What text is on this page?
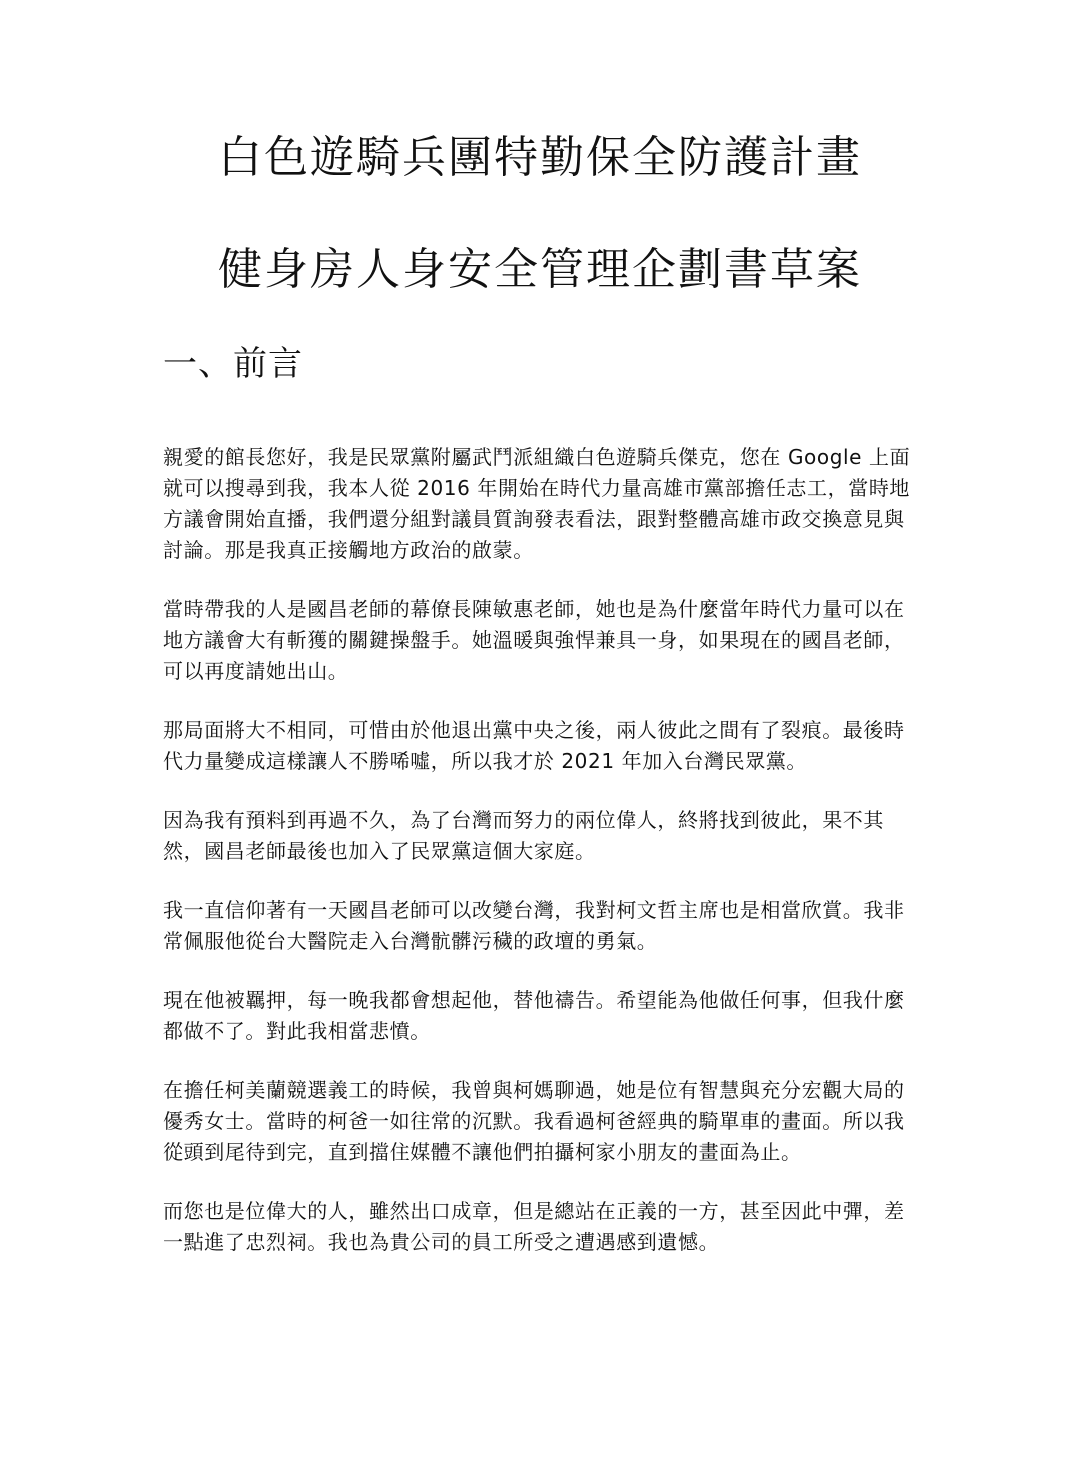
白色遊騎兵團特勤保全防護計畫
健身房人身安全管理企劃書草案
一、前言

親愛的館長您好，我是民眾黨附屬武鬥派組織白色遊騎兵傑克，您在 Google 上面就可以搜尋到我，我本人從 2016 年開始在時代力量高雄市黨部擔任志工，當時地方議會開始直播，我們還分組對議員質詢發表看法，跟對整體高雄市政交換意見與討論。那是我真正接觸地方政治的啟蒙。

當時帶我的人是國昌老師的幕僚長陳敏惠老師，她也是為什麼當年時代力量可以在地方議會大有斬獲的關鍵操盤手。她溫暖與強悍兼具一身，如果現在的國昌老師，可以再度請她出山。

那局面將大不相同，可惜由於他退出黨中央之後，兩人彼此之間有了裂痕。最後時代力量變成這樣讓人不勝唏噓，所以我才於 2021 年加入台灣民眾黨。

因為我有預料到再過不久，為了台灣而努力的兩位偉人，終將找到彼此，果不其然，國昌老師最後也加入了民眾黨這個大家庭。

我一直信仰著有一天國昌老師可以改變台灣，我對柯文哲主席也是相當欣賞。我非常佩服他從台大醫院走入台灣骯髒污穢的政壇的勇氣。

現在他被羈押，每一晚我都會想起他，替他禱告。希望能為他做任何事，但我什麼都做不了。對此我相當悲憤。

在擔任柯美蘭競選義工的時候，我曾與柯媽聊過，她是位有智慧與充分宏觀大局的優秀女士。當時的柯爸一如往常的沉默。我看過柯爸經典的騎單車的畫面。所以我從頭到尾待到完，直到擋住媒體不讓他們拍攝柯家小朋友的畫面為止。

而您也是位偉大的人，雖然出口成章，但是總站在正義的一方，甚至因此中彈，差一點進了忠烈祠。我也為貴公司的員工所受之遭遇感到遺憾。
